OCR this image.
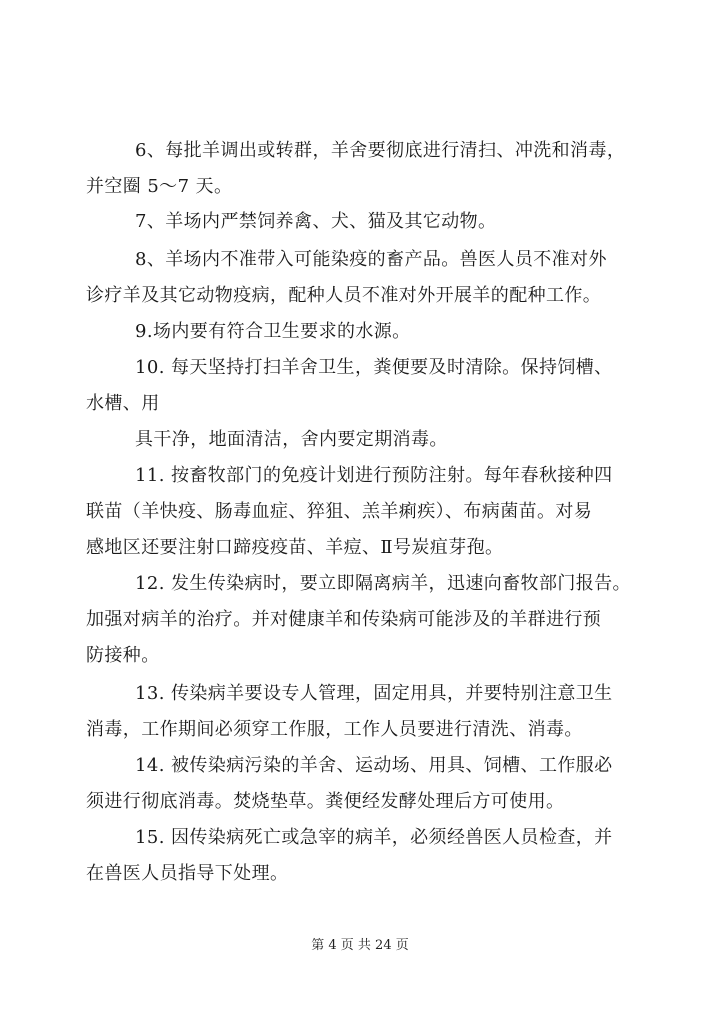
6、每批羊调出或转群，羊舍要彻底进行清扫、冲洗和消毒，
并空圈 5～7 天。
7、羊场内严禁饲养禽、犬、猫及其它动物。
8、羊场内不准带入可能染疫的畜产品。兽医人员不准对外
诊疗羊及其它动物疫病，配种人员不准对外开展羊的配种工作。
9.场内要有符合卫生要求的水源。
10. 每天坚持打扫羊舍卫生，粪便要及时清除。保持饲槽、
水槽、用
具干净，地面清洁，舍内要定期消毒。
11. 按畜牧部门的免疫计划进行预防注射。每年春秋接种四
联苗（羊快疫、肠毒血症、猝狙、羔羊痢疾）、布病菌苗。对易
感地区还要注射口蹄疫疫苗、羊痘、Ⅱ号炭疽芽孢。
12. 发生传染病时，要立即隔离病羊，迅速向畜牧部门报告。
加强对病羊的治疗。并对健康羊和传染病可能涉及的羊群进行预
防接种。
13. 传染病羊要设专人管理，固定用具，并要特别注意卫生
消毒，工作期间必须穿工作服，工作人员要进行清洗、消毒。
14. 被传染病污染的羊舍、运动场、用具、饲槽、工作服必
须进行彻底消毒。焚烧垫草。粪便经发酵处理后方可使用。
15. 因传染病死亡或急宰的病羊，必须经兽医人员检查，并
在兽医人员指导下处理。
第 4 页 共 24 页
